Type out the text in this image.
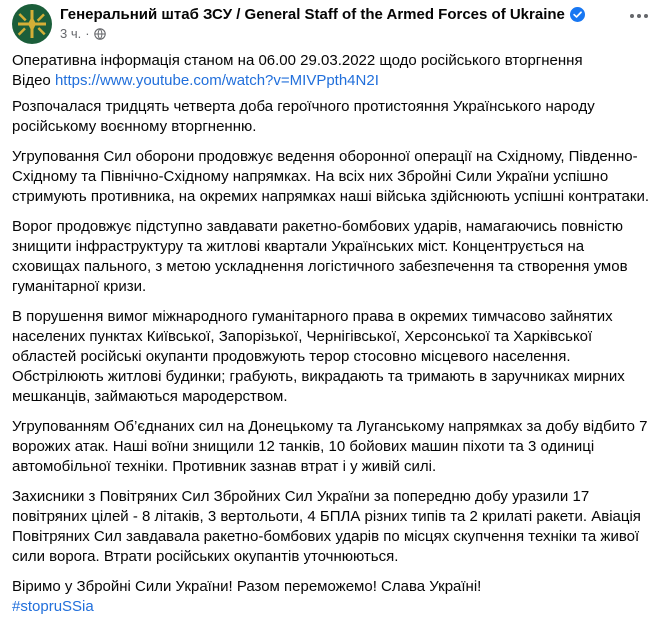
Генеральний штаб ЗСУ / General Staff of the Armed Forces of Ukraine
3 ч. ·

Оперативна інформація станом на 06.00 29.03.2022 щодо російського вторгнення
Відео https://www.youtube.com/watch?v=MIVPpth4N2I

Розпочалася тридцять четверта доба героїчного протистояння Українського народу російському воєнному вторгненню.

Угруповання Сил оборони продовжує ведення оборонної операції на Східному, Південно-Східному та Північно-Східному напрямках. На всіх них Збройні Сили України успішно стримують противника, на окремих напрямках наші війська здійснюють успішні контратаки.

Ворог продовжує підступно завдавати ракетно-бомбових ударів, намагаючись повністю знищити інфраструктуру та житлові квартали Українських міст. Концентрується на сховищах пального, з метою ускладнення логістичного забезпечення та створення умов гуманітарної кризи.

В порушення вимог міжнародного гуманітарного права в окремих тимчасово зайнятих населених пунктах Київської, Запорізької, Чернігівської, Херсонської та Харківської областей російські окупанти продовжують терор стосовно місцевого населення. Обстрілюють житлові будинки; грабують, викрадають та тримають в заручниках мирних мешканців, займаються мародерством.

Угрупованням Об’єднаних сил на Донецькому та Луганському напрямках за добу відбито 7 ворожих атак. Наші воїни знищили 12 танків, 10 бойових машин піхоти та 3 одиниці автомобільної техніки. Противник зазнав втрат і у живій силі.

Захисники з Повітряних Сил Збройних Сил України за попередню добу уразили 17 повітряних цілей - 8 літаків, 3 вертольоти, 4 БПЛА різних типів та 2 крилаті ракети. Авіація Повітряних Сил завдавала ракетно-бомбових ударів по місцях скупчення техніки та живої сили ворога. Втрати російських окупантів уточнюються.

Віримо у Збройні Сили України! Разом переможемо! Слава Україні!

#stopruSSia
